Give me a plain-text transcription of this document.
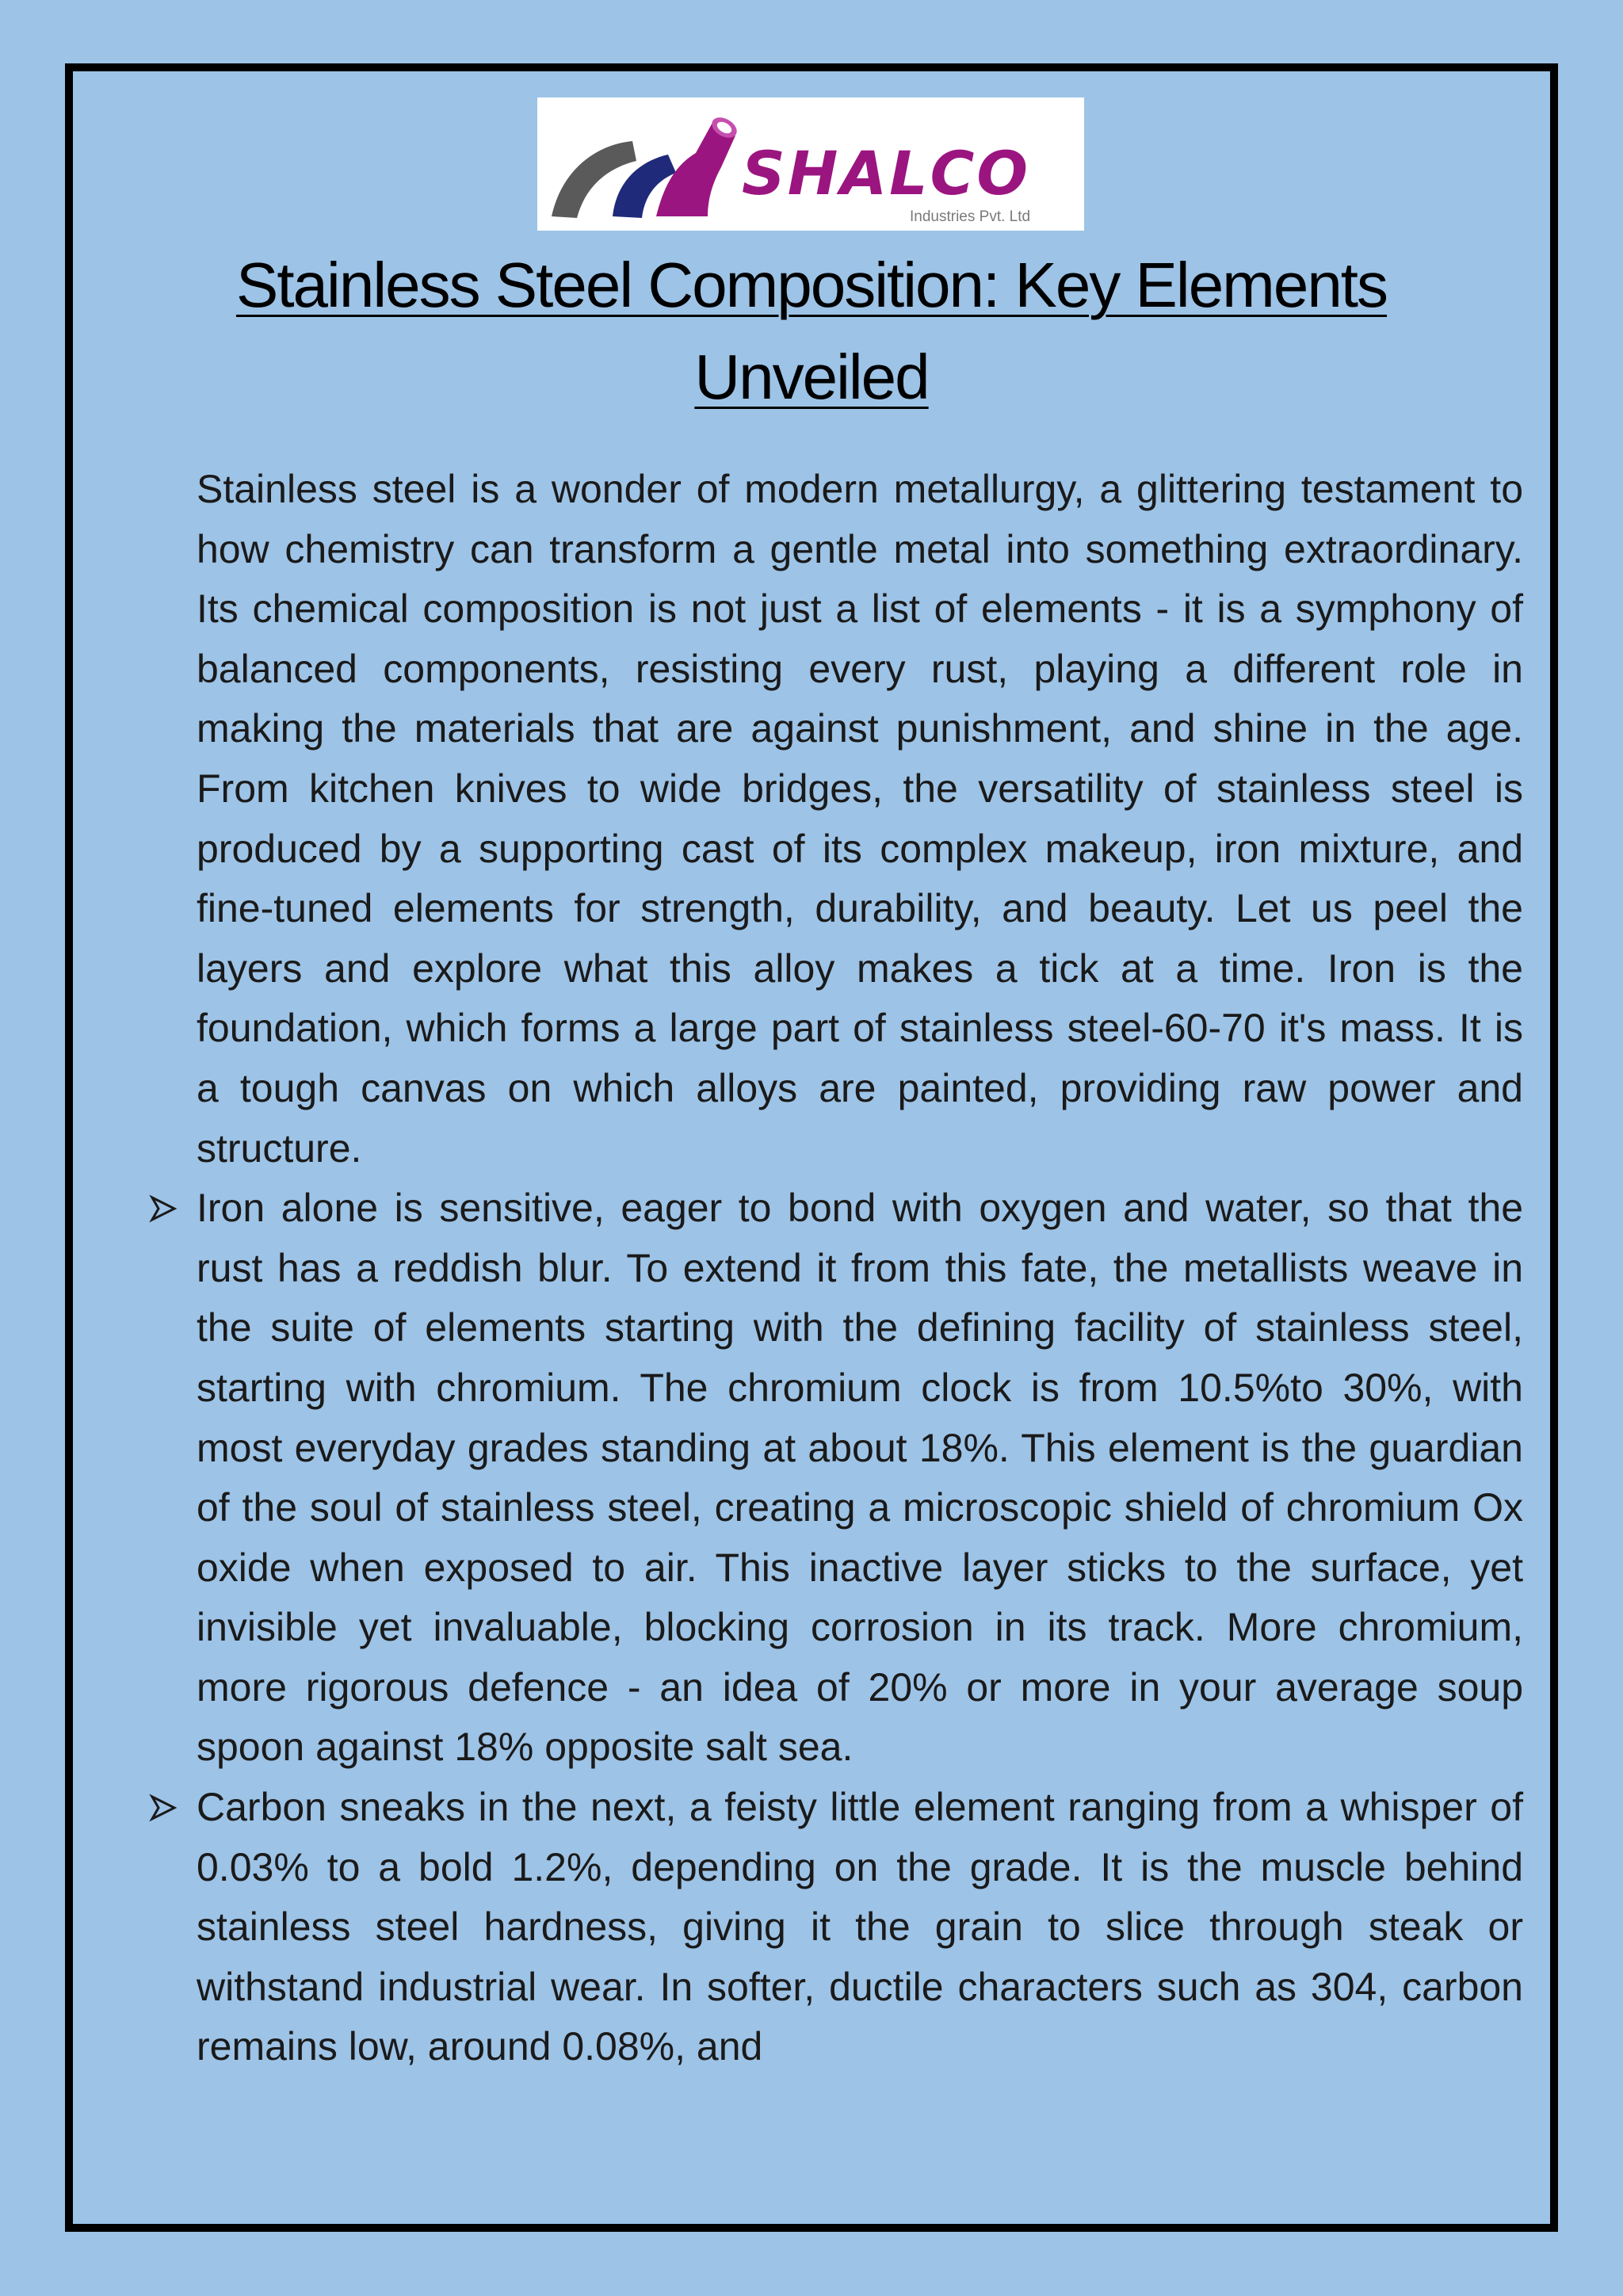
SHALCO
Industries Pvt. Ltd
Stainless Steel Composition: Key Elements Unveiled

Stainless steel is a wonder of modern metallurgy, a glittering testament to how chemistry can transform a gentle metal into something extraordinary. Its chemical composition is not just a list of elements - it is a symphony of balanced components, resisting every rust, playing a different role in making the materials that are against punishment, and shine in the age. From kitchen knives to wide bridges, the versatility of stainless steel is produced by a supporting cast of its complex makeup, iron mixture, and fine-tuned elements for strength, durability, and beauty. Let us peel the layers and explore what this alloy makes a tick at a time. Iron is the foundation, which forms a large part of stainless steel-60-70 it's mass. It is a tough canvas on which alloys are painted, providing raw power and structure.

Iron alone is sensitive, eager to bond with oxygen and water, so that the rust has a reddish blur. To extend it from this fate, the metallists weave in the suite of elements starting with the defining facility of stainless steel, starting with chromium. The chromium clock is from 10.5%to 30%, with most everyday grades standing at about 18%. This element is the guardian of the soul of stainless steel, creating a microscopic shield of chromium Ox oxide when exposed to air. This inactive layer sticks to the surface, yet invisible yet invaluable, blocking corrosion in its track. More chromium, more rigorous defence - an idea of 20% or more in your average soup spoon against 18% opposite salt sea.
Carbon sneaks in the next, a feisty little element ranging from a whisper of 0.03% to a bold 1.2%, depending on the grade. It is the muscle behind stainless steel hardness, giving it the grain to slice through steak or withstand industrial wear. In softer, ductile characters such as 304, carbon remains low, around 0.08%, and
